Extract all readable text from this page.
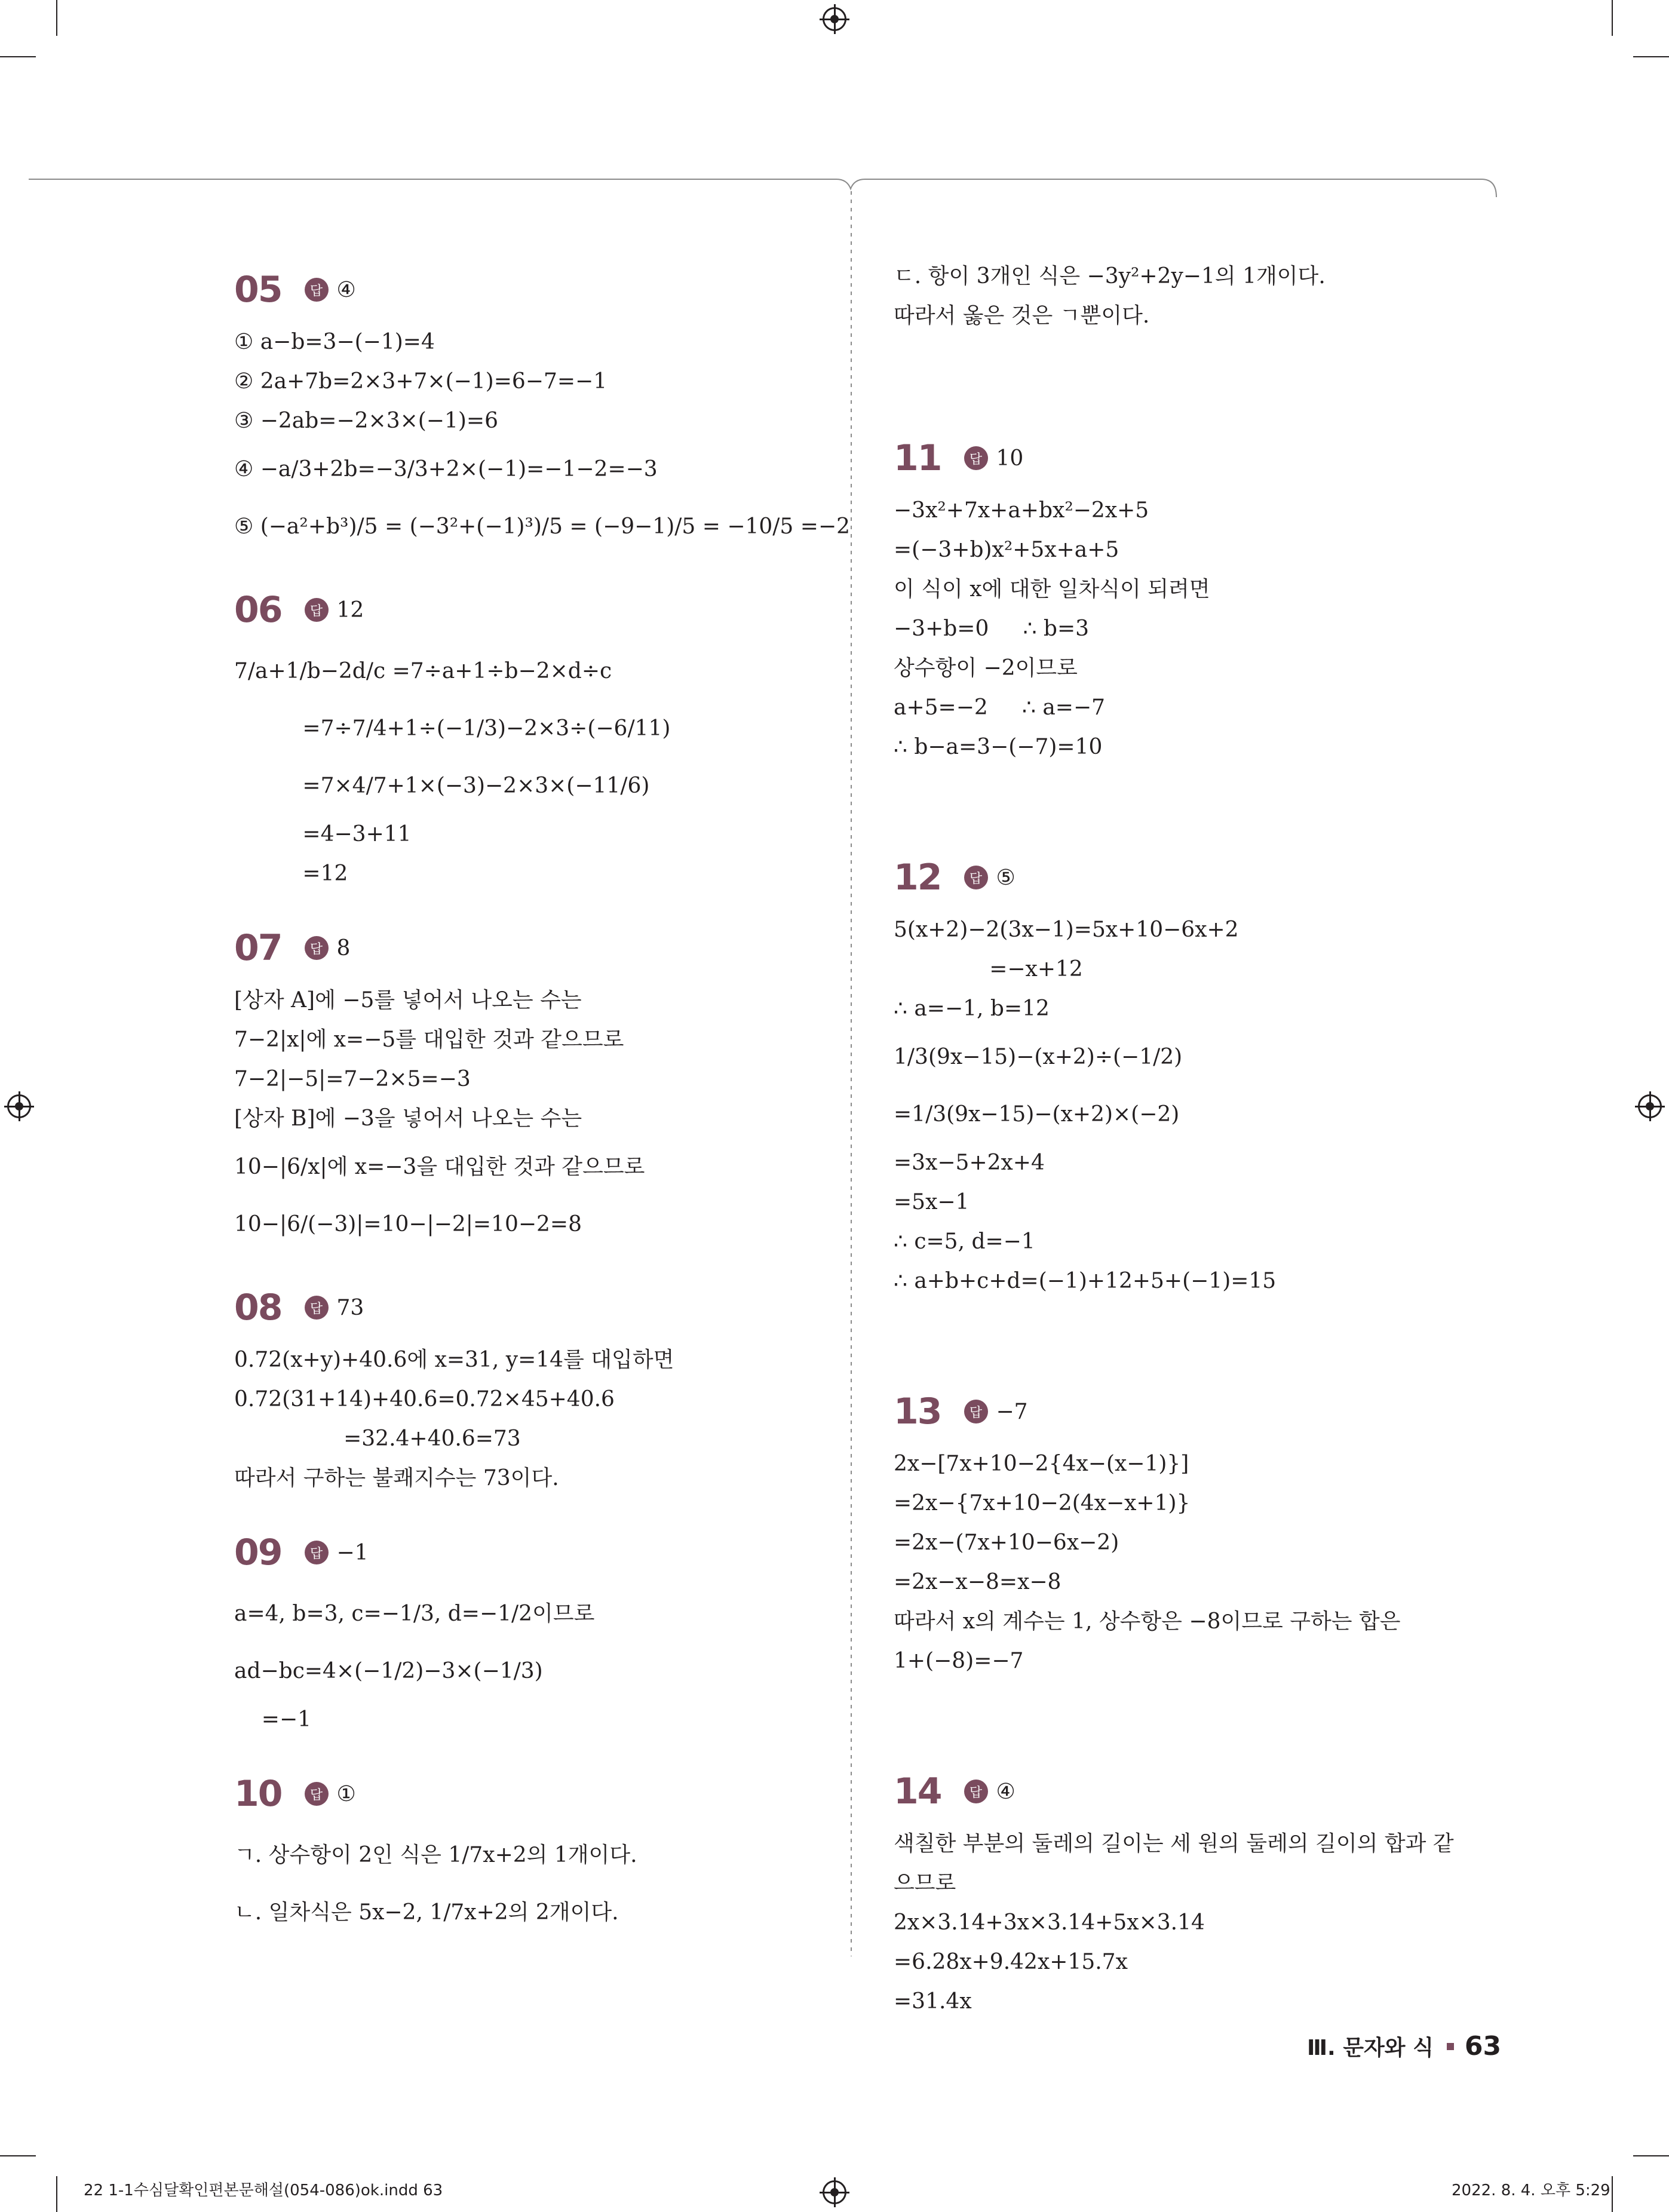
05	답 ④
① a−b=3−(−1)=4
② 2a+7b=2×3+7×(−1)=6−7=−1
③ −2ab=−2×3×(−1)=6
④ −a/3+2b=−3/3+2×(−1)=−1−2=−3
⑤ (−a²+b³)/5 = (−3²+(−1)³)/5 = (−9−1)/5 = −10/5 =−2
06	답 12
7/a+1/b−2d/c =7÷a+1÷b−2×d÷c
=7÷7/4+1÷(−1/3)−2×3÷(−6/11)
=7×4/7+1×(−3)−2×3×(−11/6)
=4−3+11
=12
07	답 8
[상자 A]에 −5를 넣어서 나오는 수는
7−2|x|에 x=−5를 대입한 것과 같으므로
7−2|−5|=7−2×5=−3
[상자 B]에 −3을 넣어서 나오는 수는
10−|6/x|에 x=−3을 대입한 것과 같으므로
10−|6/(−3)|=10−|−2|=10−2=8
08	답 73
0.72(x+y)+40.6에 x=31, y=14를 대입하면
0.72(31+14)+40.6=0.72×45+40.6
=32.4+40.6=73
따라서 구하는 불쾌지수는 73이다.
09	답 −1
a=4, b=3, c=−1/3, d=−1/2이므로
ad−bc=4×(−1/2)−3×(−1/3)
=−1
10	답 ①
ㄱ. 상수항이 2인 식은 1/7x+2의 1개이다.
ㄴ. 일차식은 5x−2, 1/7x+2의 2개이다.
ㄷ. 항이 3개인 식은 −3y²+2y−1의 1개이다.
따라서 옳은 것은 ㄱ뿐이다.
11	답 10
−3x²+7x+a+bx²−2x+5
=(−3+b)x²+5x+a+5
이 식이 x에 대한 일차식이 되려면
−3+b=0     ∴ b=3
상수항이 −2이므로
a+5=−2     ∴ a=−7
∴ b−a=3−(−7)=10
12	답 ⑤
5(x+2)−2(3x−1)=5x+10−6x+2
=−x+12
∴ a=−1, b=12
1/3(9x−15)−(x+2)÷(−1/2)
=1/3(9x−15)−(x+2)×(−2)
=3x−5+2x+4
=5x−1
∴ c=5, d=−1
∴ a+b+c+d=(−1)+12+5+(−1)=15
13	답 −7
2x−[7x+10−2{4x−(x−1)}]
=2x−{7x+10−2(4x−x+1)}
=2x−(7x+10−6x−2)
=2x−x−8=x−8
따라서 x의 계수는 1, 상수항은 −8이므로 구하는 합은
1+(−8)=−7
14	답 ④
색칠한 부분의 둘레의 길이는 세 원의 둘레의 길이의 합과 같
으므로
2x×3.14+3x×3.14+5x×3.14
=6.28x+9.42x+15.7x
=31.4x
Ⅲ. 문자와 식 63
22 1-1수심달확인편본문해설(054-086)ok.indd 63	2022. 8. 4. 오후 5:29
